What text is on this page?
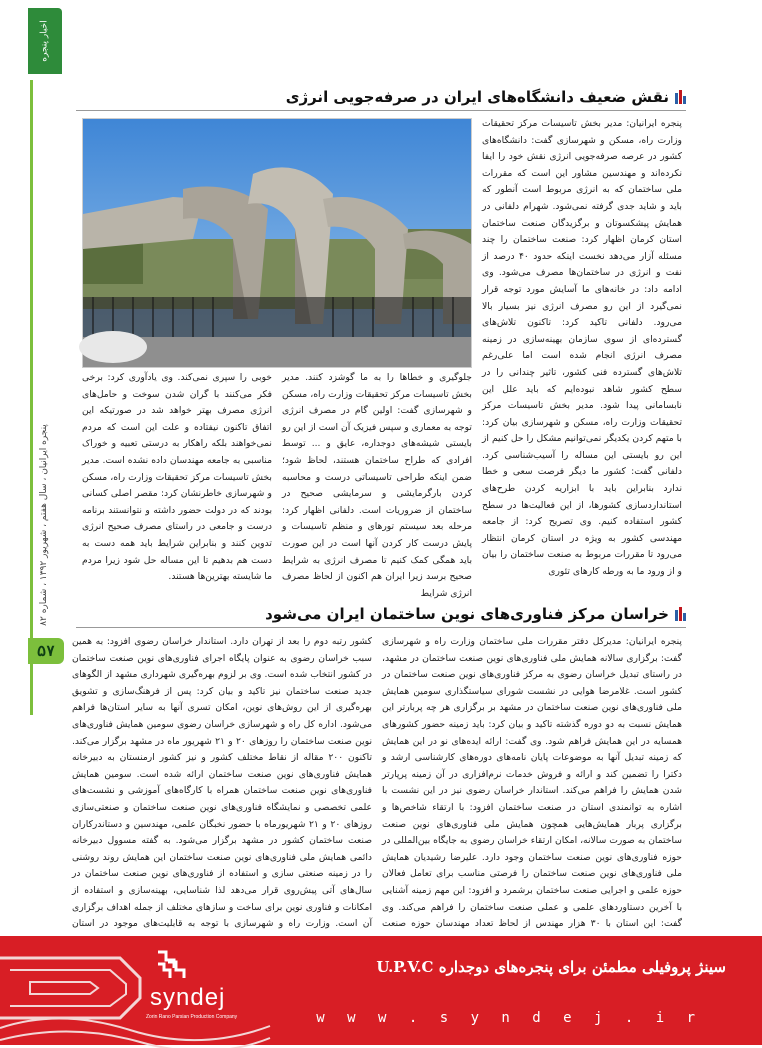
اخبار پنجره
پنجره ایرانیان ، سال هفتم ، شهریور ۱۳۹۲ ، شماره ۸۲
۵۷
نقش ضعیف دانشگاه‌های ایران در صرفه‌جویی انرژی

پنجره ایرانیان: مدیر بخش تاسیسات مرکز تحقیقات وزارت راه، مسکن و شهرسازی گفت: دانشگاه‌های کشور در عرصه صرفه‌جویی انرژی نقش خود را ایفا نکرده‌اند و مهندسین مشاور این است که مقررات ملی ساختمان که به انرژی مربوط است آنطور که باید و شاید جدی گرفته نمی‌شود. شهرام دلفانی در همایش پیشکسوتان و برگزیدگان صنعت ساختمان استان کرمان اظهار کرد: صنعت ساختمان را چند مسئله آزار می‌دهد نخست اینکه حدود ۴۰ درصد از نفت و انرژی در ساختمان‌ها مصرف می‌شود. وی ادامه داد: در خانه‌های ما آسایش مورد توجه قرار نمی‌گیرد از این رو مصرف انرژی نیز بسیار بالا می‌رود. دلفانی تاکید کرد: تاکنون تلاش‌های گسترده‌ای از سوی سازمان بهینه‌سازی در زمینه مصرف انرژی انجام شده است اما علی‌رغم تلاش‌های گسترده فنی کشور، تاثیر چندانی را در سطح کشور شاهد نبوده‌ایم که باید علل این نابسامانی پیدا شود. مدیر بخش تاسیسات مرکز تحقیقات وزارت راه، مسکن و شهرسازی بیان کرد: با متهم کردن یکدیگر نمی‌توانیم مشکل را حل کنیم از این رو بایستی این مساله را آسیب‌شناسی کرد. دلفانی گفت: کشور ما دیگر فرصت سعی و خطا ندارد بنابراین باید با ابزاریه کردن طرح‌های استانداردسازی کشورها، از این فعالیت‌ها در سطح کشور استفاده کنیم. وی تصریح کرد: از جامعه مهندسی کشور به ویژه در استان کرمان انتظار می‌رود تا مقررات مربوط به صنعت ساختمان را بیان و از ورود ما به ورطه کارهای تئوری

جلوگیری و خطاها را به ما گوشزد کنند. مدیر بخش تاسیسات مرکز تحقیقات وزارت راه، مسکن و شهرسازی گفت: اولین گام در مصرف انرژی توجه به معماری و سپس فیزیک آن است از این رو بایستی شیشه‌های دوجداره، عایق و ... توسط افرادی که طراح ساختمان هستند، لحاظ شود؛ ضمن اینکه طراحی تاسیساتی درست و محاسبه کردن بارگرمایشی و سرمایشی صحیح در ساختمان از ضروریات است. دلفانی اظهار کرد: مرحله بعد سیستم تورهای و منظم تاسیسات و پایش درست کار کردن آنها است در این صورت باید همگی کمک کنیم تا مصرف انرژی به شرایط صحیح برسد زیرا ایران هم اکنون از لحاظ مصرف انرژی شرایط

خوبی را سپری نمی‌کند. وی یادآوری کرد: برخی فکر می‌کنند با گران شدن سوخت و حامل‌های انرژی مصرف بهتر خواهد شد در صورتیکه این اتفاق تاکنون نیفتاده و علت این است که مردم نمی‌خواهند بلکه راهکار به درستی تعبیه و خوراک مناسبی به جامعه مهندسان داده نشده است. مدیر بخش تاسیسات مرکز تحقیقات وزارت راه، مسکن و شهرسازی خاطرنشان کرد: مقصر اصلی کسانی بودند که در دولت حضور داشته و نتوانستند برنامه درست و جامعی در راستای مصرف صحیح انرژی تدوین کنند و بنابراین شرایط باید همه دست به دست هم بدهیم تا این مساله حل شود زیرا مردم ما شایسته بهترین‌ها هستند.

خراسان مرکز فناوری‌های نوین ساختمان ایران می‌شود

پنجره ایرانیان: مدیرکل دفتر مقررات ملی ساختمان وزارت راه و شهرسازی گفت: برگزاری سالانه همایش ملی فناوری‌های نوین صنعت ساختمان در مشهد، در راستای تبدیل خراسان رضوی به مرکز فناوری‌های نوین صنعت ساختمان در کشور است. غلامرضا هوایی در نشست شورای سیاستگذاری سومین همایش ملی فناوری‌های نوین صنعت ساختمان در مشهد بر برگزاری هر چه پربارتر این همایش نسبت به دو دوره گذشته تاکید و بیان کرد: باید زمینه حضور کشورهای همسایه در این همایش فراهم شود. وی گفت: ارائه ایده‌های نو در این همایش که زمینه تبدیل آنها به موضوعات پایان نامه‌های دوره‌های کارشناسی ارشد و دکترا را تضمین کند و ارائه و فروش خدمات نرم‌افزاری در آن زمینه پرپارتر شدن همایش را فراهم می‌کند. استاندار خراسان رضوی نیز در این نشست با اشاره به توانمندی استان در صنعت ساختمان افزود: با ارتقاء شاخص‌ها و برگزاری پربار همایش‌هایی همچون همایش ملی فناوری‌های نوین صنعت ساختمان به صورت سالانه، امکان ارتقاء خراسان رضوی به جایگاه بین‌المللی در حوزه فناوری‌های نوین صنعت ساختمان وجود دارد. علیرضا رشیدیان همایش ملی فناوری‌های نوین صنعت ساختمان را فرصتی مناسب برای تعامل فعالان حوزه علمی و اجرایی صنعت ساختمان برشمرد و افزود: این مهم زمینه آشنایی با آخرین دستاوردهای علمی و عملی صنعت ساختمان را فراهم می‌کند. وی گفت: این استان با ۳۰ هزار مهندس از لحاظ تعداد مهندسان حوزه صنعت

کشور رتبه دوم را بعد از تهران دارد. استاندار خراسان رضوی افزود: به همین سبب خراسان رضوی به عنوان پایگاه اجرای فناوری‌های نوین صنعت ساختمان در کشور انتخاب شده است. وی بر لزوم بهره‌گیری شهرداری مشهد از الگوهای جدید صنعت ساختمان نیز تاکید و بیان کرد: پس از فرهنگ‌سازی و تشویق بهره‌گیری از این روش‌های نوین، امکان تسری آنها به سایر استان‌ها فراهم می‌شود. اداره کل راه و شهرسازی خراسان رضوی سومین همایش فناوری‌های نوین صنعت ساختمان را روزهای ۲۰ و ۲۱ شهریور ماه در مشهد برگزار می‌کند. تاکنون ۲۰۰ مقاله از نقاط مختلف کشور و نیز کشور ارمنستان به دبیرخانه همایش فناوری‌های نوین صنعت ساختمان ارائه شده است. سومین همایش فناوری‌های نوین صنعت ساختمان همراه با کارگاه‌های آموزشی و نشست‌های علمی تخصصی و نمایشگاه فناوری‌های نوین صنعت ساختمان و صنعتی‌سازی روزهای ۲۰ و ۲۱ شهریورماه با حضور نخبگان علمی، مهندسین و دستاندرکاران صنعت ساختمان کشور در مشهد برگزار می‌شود. به گفته مسوول دبیرخانه دائمی همایش ملی فناوری‌های نوین صنعت ساختمان این همایش روند روشنی را در زمینه صنعتی سازی و استفاده از فناوری‌های نوین صنعت ساختمان در سال‌های آتی پیش‌روی قرار می‌دهد لذا شناسایی، بهینه‌سازی و استفاده از امکانات و فناوری نوین برای ساخت و سازهای مختلف از جمله اهداف برگزاری آن است. وزارت راه و شهرسازی با توجه به قابلیت‌های موجود در استان

syndej
Zorin Rano Parsian Production Company
سینژ پروفیلی مطمئن برای پنجره‌های دوجداره U.P.V.C
w w w . s y n d e j . i r
